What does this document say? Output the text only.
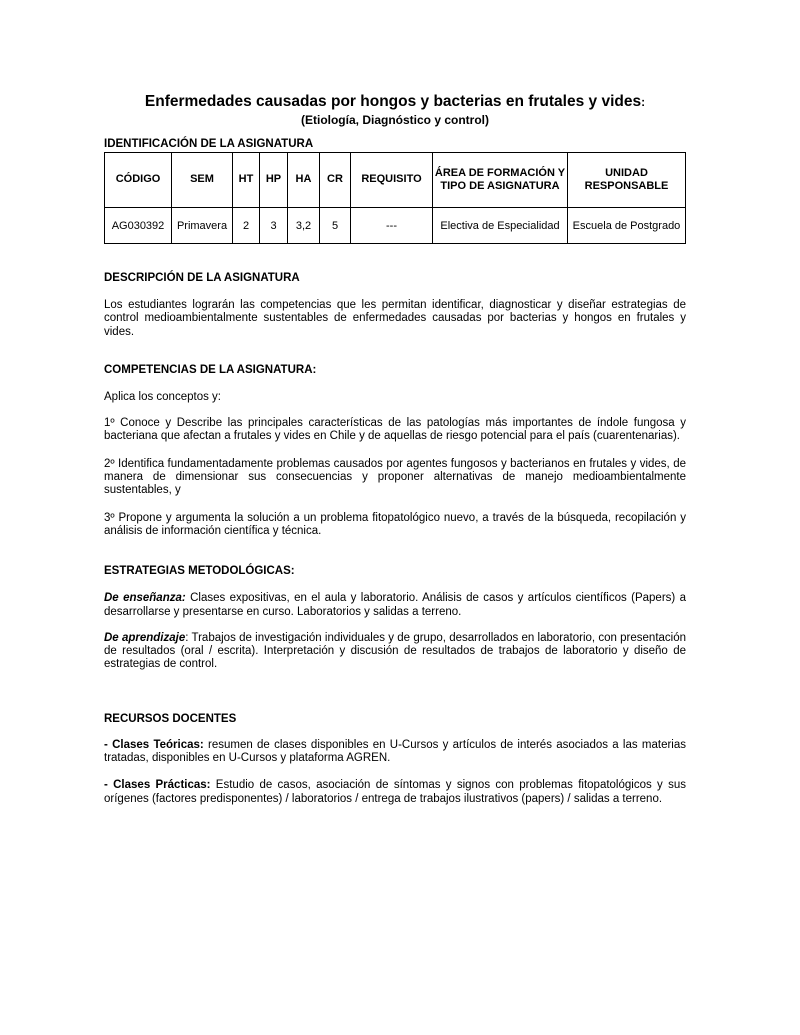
Enfermedades causadas por hongos y bacterias en frutales y vides:

(Etiología, Diagnóstico y control)

IDENTIFICACIÓN DE LA ASIGNATURA

CÓDIGO	SEM	HT	HP	HA	CR	REQUISITO	ÁREA DE FORMACIÓN Y TIPO DE ASIGNATURA	UNIDAD RESPONSABLE
AG030392	Primavera	2	3	3,2	5	---	Electiva de Especialidad	Escuela de Postgrado

DESCRIPCIÓN DE LA ASIGNATURA

Los estudiantes lograrán las competencias que les permitan identificar, diagnosticar y diseñar estrategias de control medioambientalmente sustentables de enfermedades causadas por bacterias y hongos en frutales y vides.

COMPETENCIAS DE LA ASIGNATURA:

Aplica los conceptos y:

1º Conoce y Describe las principales características de las patologías más importantes de índole fungosa y bacteriana que afectan a frutales y vides en Chile y de aquellas de riesgo potencial para el país (cuarentenarias).

2º Identifica fundamentadamente problemas causados por agentes fungosos y bacterianos en frutales y vides, de manera de dimensionar sus consecuencias y proponer alternativas de manejo medioambientalmente sustentables, y

3º Propone y argumenta la solución a un problema fitopatológico nuevo, a través de la búsqueda, recopilación y análisis de información científica y técnica.

ESTRATEGIAS METODOLÓGICAS:

De enseñanza: Clases expositivas, en el aula y laboratorio. Análisis de casos y artículos científicos (Papers) a desarrollarse y presentarse en curso. Laboratorios y salidas a terreno.

De aprendizaje: Trabajos de investigación individuales y de grupo, desarrollados en laboratorio, con presentación de resultados (oral / escrita). Interpretación y discusión de resultados de trabajos de laboratorio y diseño de estrategias de control.

RECURSOS DOCENTES

- Clases Teóricas: resumen de clases disponibles en U-Cursos y artículos de interés asociados a las materias tratadas, disponibles en U-Cursos y plataforma AGREN.

- Clases Prácticas: Estudio de casos, asociación de síntomas y signos con problemas fitopatológicos y sus orígenes (factores predisponentes) / laboratorios / entrega de trabajos ilustrativos (papers) / salidas a terreno.
